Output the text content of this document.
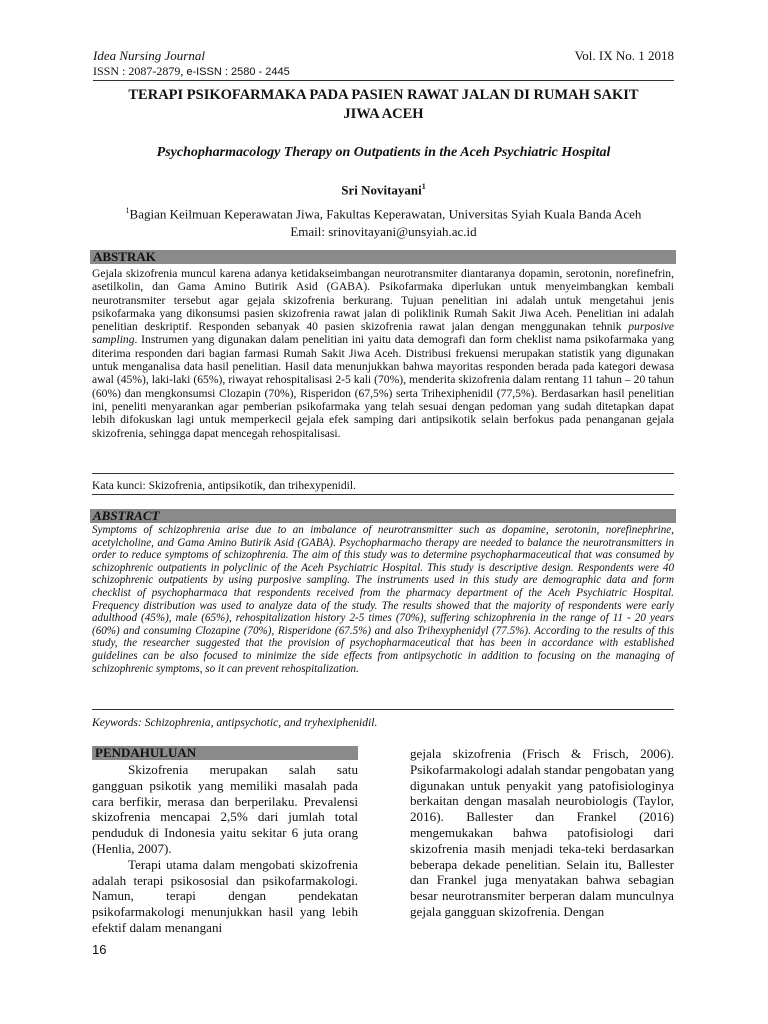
Idea Nursing Journal
ISSN : 2087-2879, e-ISSN : 2580 - 2445
Vol. IX No. 1 2018
TERAPI PSIKOFARMAKA PADA PASIEN RAWAT JALAN DI RUMAH SAKIT
JIWA ACEH
Psychopharmacology Therapy on Outpatients in the Aceh Psychiatric Hospital
Sri Novitayani$^1$
$^1$Bagian Keilmuan Keperawatan Jiwa, Fakultas Keperawatan, Universitas Syiah Kuala Banda Aceh
Email: srinovitayani@unsyiah.ac.id
ABSTRAK
Gejala skizofrenia muncul karena adanya ketidakseimbangan neurotransmiter diantaranya dopamin, serotonin, norefinefrin, asetilkolin, dan Gama Amino Butirik Asid (GABA). Psikofarmaka diperlukan untuk menyeimbangkan kembali neurotransmiter tersebut agar gejala skizofrenia berkurang. Tujuan penelitian ini adalah untuk mengetahui jenis psikofarmaka yang dikonsumsi pasien skizofrenia rawat jalan di poliklinik Rumah Sakit Jiwa Aceh. Penelitian ini adalah penelitian deskriptif. Responden sebanyak 40 pasien skizofrenia rawat jalan dengan menggunakan tehnik purposive sampling. Instrumen yang digunakan dalam penelitian ini yaitu data demografi dan form cheklist nama psikofarmaka yang diterima responden dari bagian farmasi Rumah Sakit Jiwa Aceh. Distribusi frekuensi merupakan statistik yang digunakan untuk menganalisa data hasil penelitian. Hasil data menunjukkan bahwa mayoritas responden berada pada kategori dewasa awal (45%), laki-laki (65%), riwayat rehospitalisasi 2-5 kali (70%), menderita skizofrenia dalam rentang 11 tahun – 20 tahun (60%) dan mengkonsumsi Clozapin (70%), Risperidon (67,5%) serta Trihexiphenidil (77,5%). Berdasarkan hasil penelitian ini, peneliti menyarankan agar pemberian psikofarmaka yang telah sesuai dengan pedoman yang sudah ditetapkan dapat lebih difokuskan lagi untuk memperkecil gejala efek samping dari antipsikotik selain berfokus pada penanganan gejala skizofrenia, sehingga dapat mencegah rehospitalisasi.
Kata kunci: Skizofrenia, antipsikotik, dan trihexypenidil.
ABSTRACT
Symptoms of schizophrenia arise due to an imbalance of neurotransmitter such as dopamine, serotonin, norefinephrine, acetylcholine, and Gama Amino Butirik Asid (GABA). Psychopharmacho therapy are needed to balance the neurotransmitters in order to reduce symptoms of schizophrenia. The aim of this study was to determine psychopharmaceutical that was consumed by schizophrenic outpatients in polyclinic of the Aceh Psychiatric Hospital. This study is descriptive design. Respondents were 40 schizophrenic outpatients by using purposive sampling. The instruments used in this study are demographic data and form checklist of psychopharmaca that respondents received from the pharmacy department of the Aceh Psychiatric Hospital. Frequency distribution was used to analyze data of the study. The results showed that the majority of respondents were early adulthood (45%), male (65%), rehospitalization history 2-5 times (70%), suffering schizophrenia in the range of 11 - 20 years (60%) and consuming Clozapine (70%), Risperidone (67.5%) and also Trihexyphenidyl (77.5%). According to the results of this study, the researcher suggested that the provision of psychopharmaceutical that has been in accordance with established guidelines can be also focused to minimize the side effects from antipsychotic in addition to focusing on the managing of schizophrenic symptoms, so it can prevent rehospitalization.
Keywords: Schizophrenia, antipsychotic, and tryhexiphenidil.
PENDAHULUAN

Skizofrenia merupakan salah satu gangguan psikotik yang memiliki masalah pada cara berfikir, merasa dan berperilaku. Prevalensi skizofrenia mencapai 2,5% dari jumlah total penduduk di Indonesia yaitu sekitar 6 juta orang (Henlia, 2007).

Terapi utama dalam mengobati skizofrenia adalah terapi psikososial dan psikofarmakologi. Namun, terapi dengan pendekatan psikofarmakologi menunjukkan hasil yang lebih efektif dalam menangani

gejala skizofrenia (Frisch & Frisch, 2006). Psikofarmakologi adalah standar pengobatan yang digunakan untuk penyakit yang patofisiologinya berkaitan dengan masalah neurobiologis (Taylor, 2016). Ballester dan Frankel (2016) mengemukakan bahwa patofisiologi dari skizofrenia masih menjadi teka-teki berdasarkan beberapa dekade penelitian. Selain itu, Ballester dan Frankel juga menyatakan bahwa sebagian besar neurotransmiter berperan dalam munculnya gejala gangguan skizofrenia. Dengan

16
